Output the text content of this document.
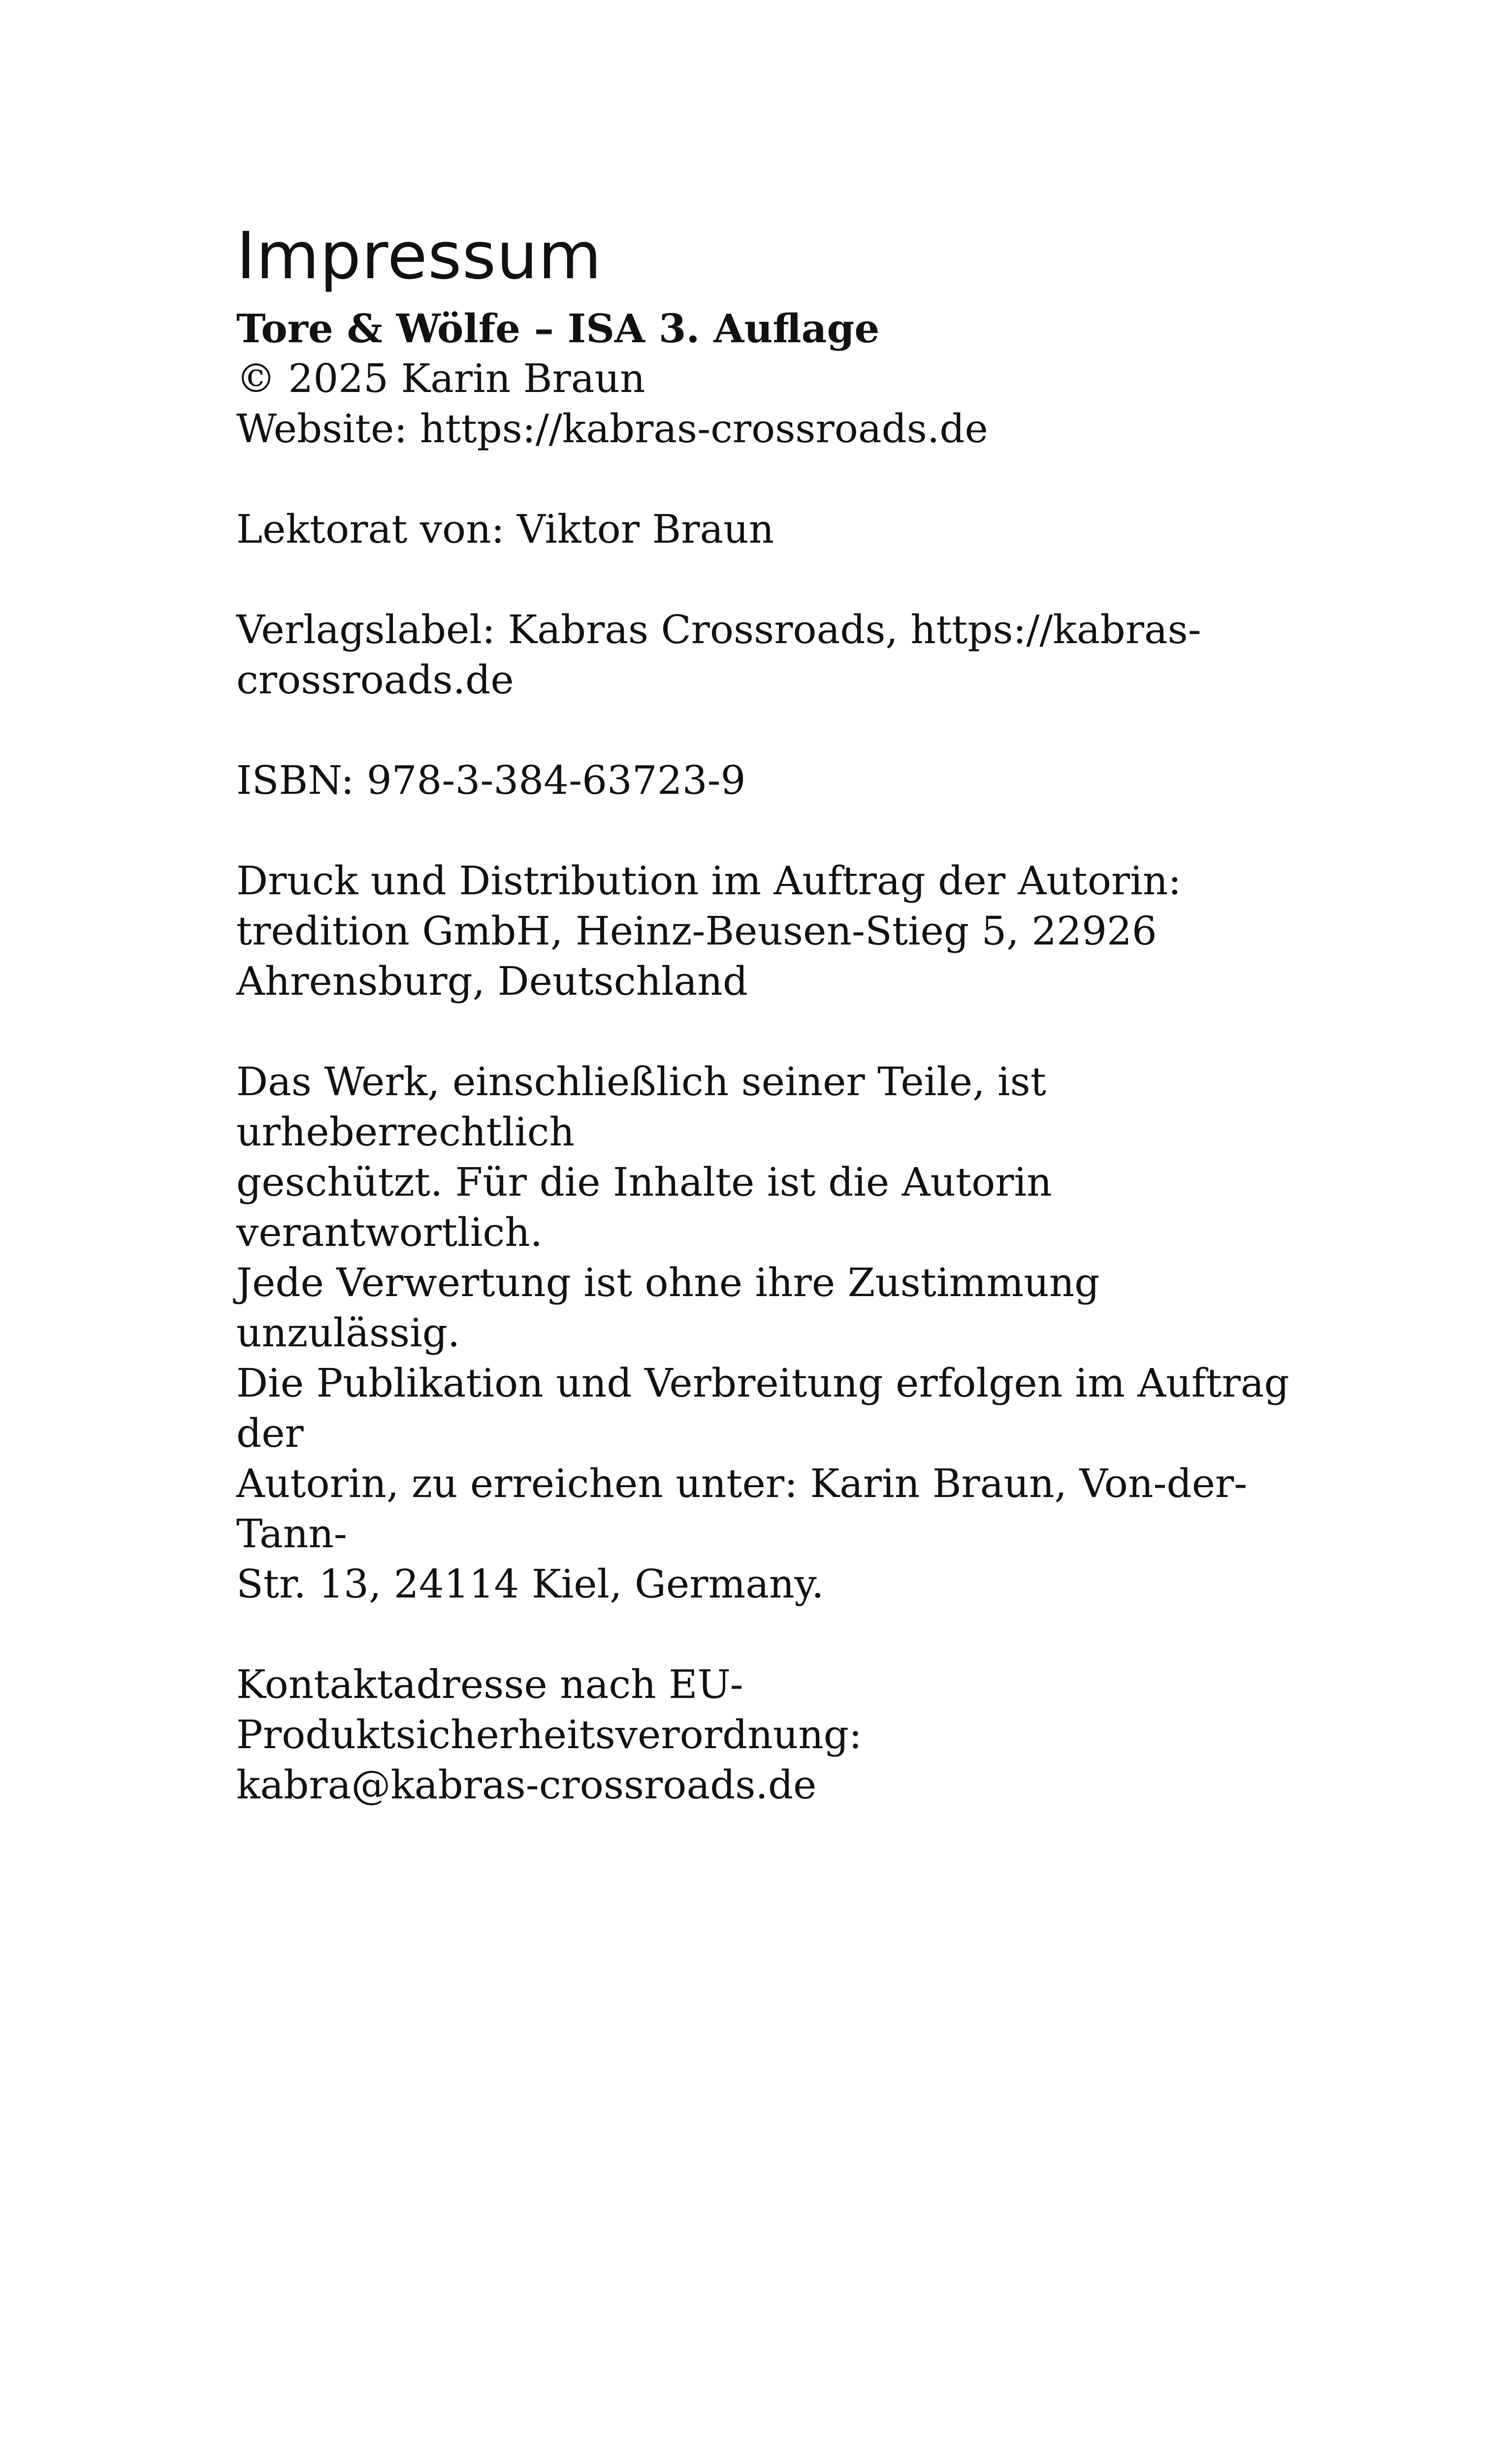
Impressum
Tore & Wölfe – ISA 3. Auflage
© 2025 Karin Braun
Website: https://kabras-crossroads.de
Lektorat von: Viktor Braun
Verlagslabel: Kabras Crossroads, https://kabras-
crossroads.de
ISBN: 978-3-384-63723-9
Druck und Distribution im Auftrag der Autorin:
tredition GmbH, Heinz-Beusen-Stieg 5, 22926
Ahrensburg, Deutschland
Das Werk, einschließlich seiner Teile, ist urheberrechtlich
geschützt. Für die Inhalte ist die Autorin verantwortlich.
Jede Verwertung ist ohne ihre Zustimmung unzulässig.
Die Publikation und Verbreitung erfolgen im Auftrag der
Autorin, zu erreichen unter: Karin Braun, Von-der-Tann-
Str. 13, 24114 Kiel, Germany.
Kontaktadresse nach EU-Produktsicherheitsverordnung:
kabra@kabras-crossroads.de
